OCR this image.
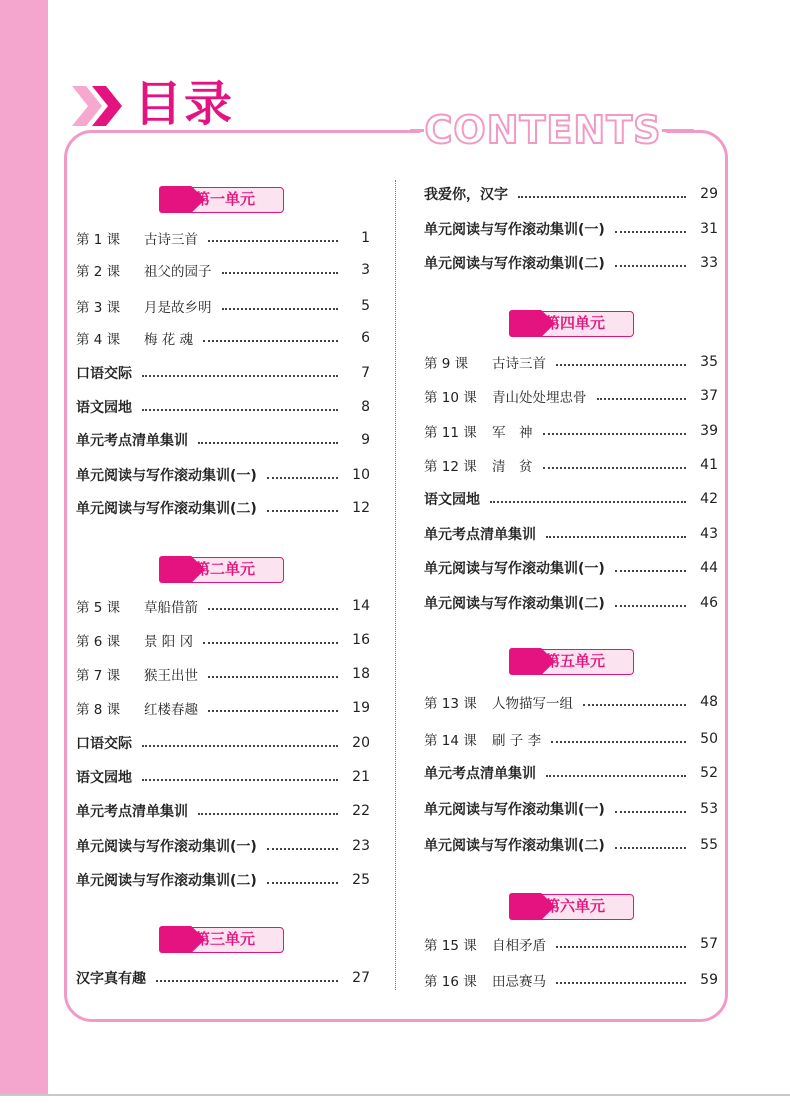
目录	CONTENTS
第一单元
第 1 课	古诗三首	1
第 2 课	祖父的园子	3
第 3 课	月是故乡明	5
第 4 课	梅 花 魂	6
口语交际	7
语文园地	8
单元考点清单集训	9
单元阅读与写作滚动集训(一)	10
单元阅读与写作滚动集训(二)	12
第二单元
第 5 课	草船借箭	14
第 6 课	景 阳 冈	16
第 7 课	猴王出世	18
第 8 课	红楼春趣	19
口语交际	20
语文园地	21
单元考点清单集训	22
单元阅读与写作滚动集训(一)	23
单元阅读与写作滚动集训(二)	25
第三单元
汉字真有趣	27
我爱你，汉字	29
单元阅读与写作滚动集训(一)	31
单元阅读与写作滚动集训(二)	33
第四单元
第 9 课	古诗三首	35
第 10 课	青山处处埋忠骨	37
第 11 课	军　神	39
第 12 课	清　贫	41
语文园地	42
单元考点清单集训	43
单元阅读与写作滚动集训(一)	44
单元阅读与写作滚动集训(二)	46
第五单元
第 13 课	人物描写一组	48
第 14 课	刷 子 李	50
单元考点清单集训	52
单元阅读与写作滚动集训(一)	53
单元阅读与写作滚动集训(二)	55
第六单元
第 15 课	自相矛盾	57
第 16 课	田忌赛马	59
